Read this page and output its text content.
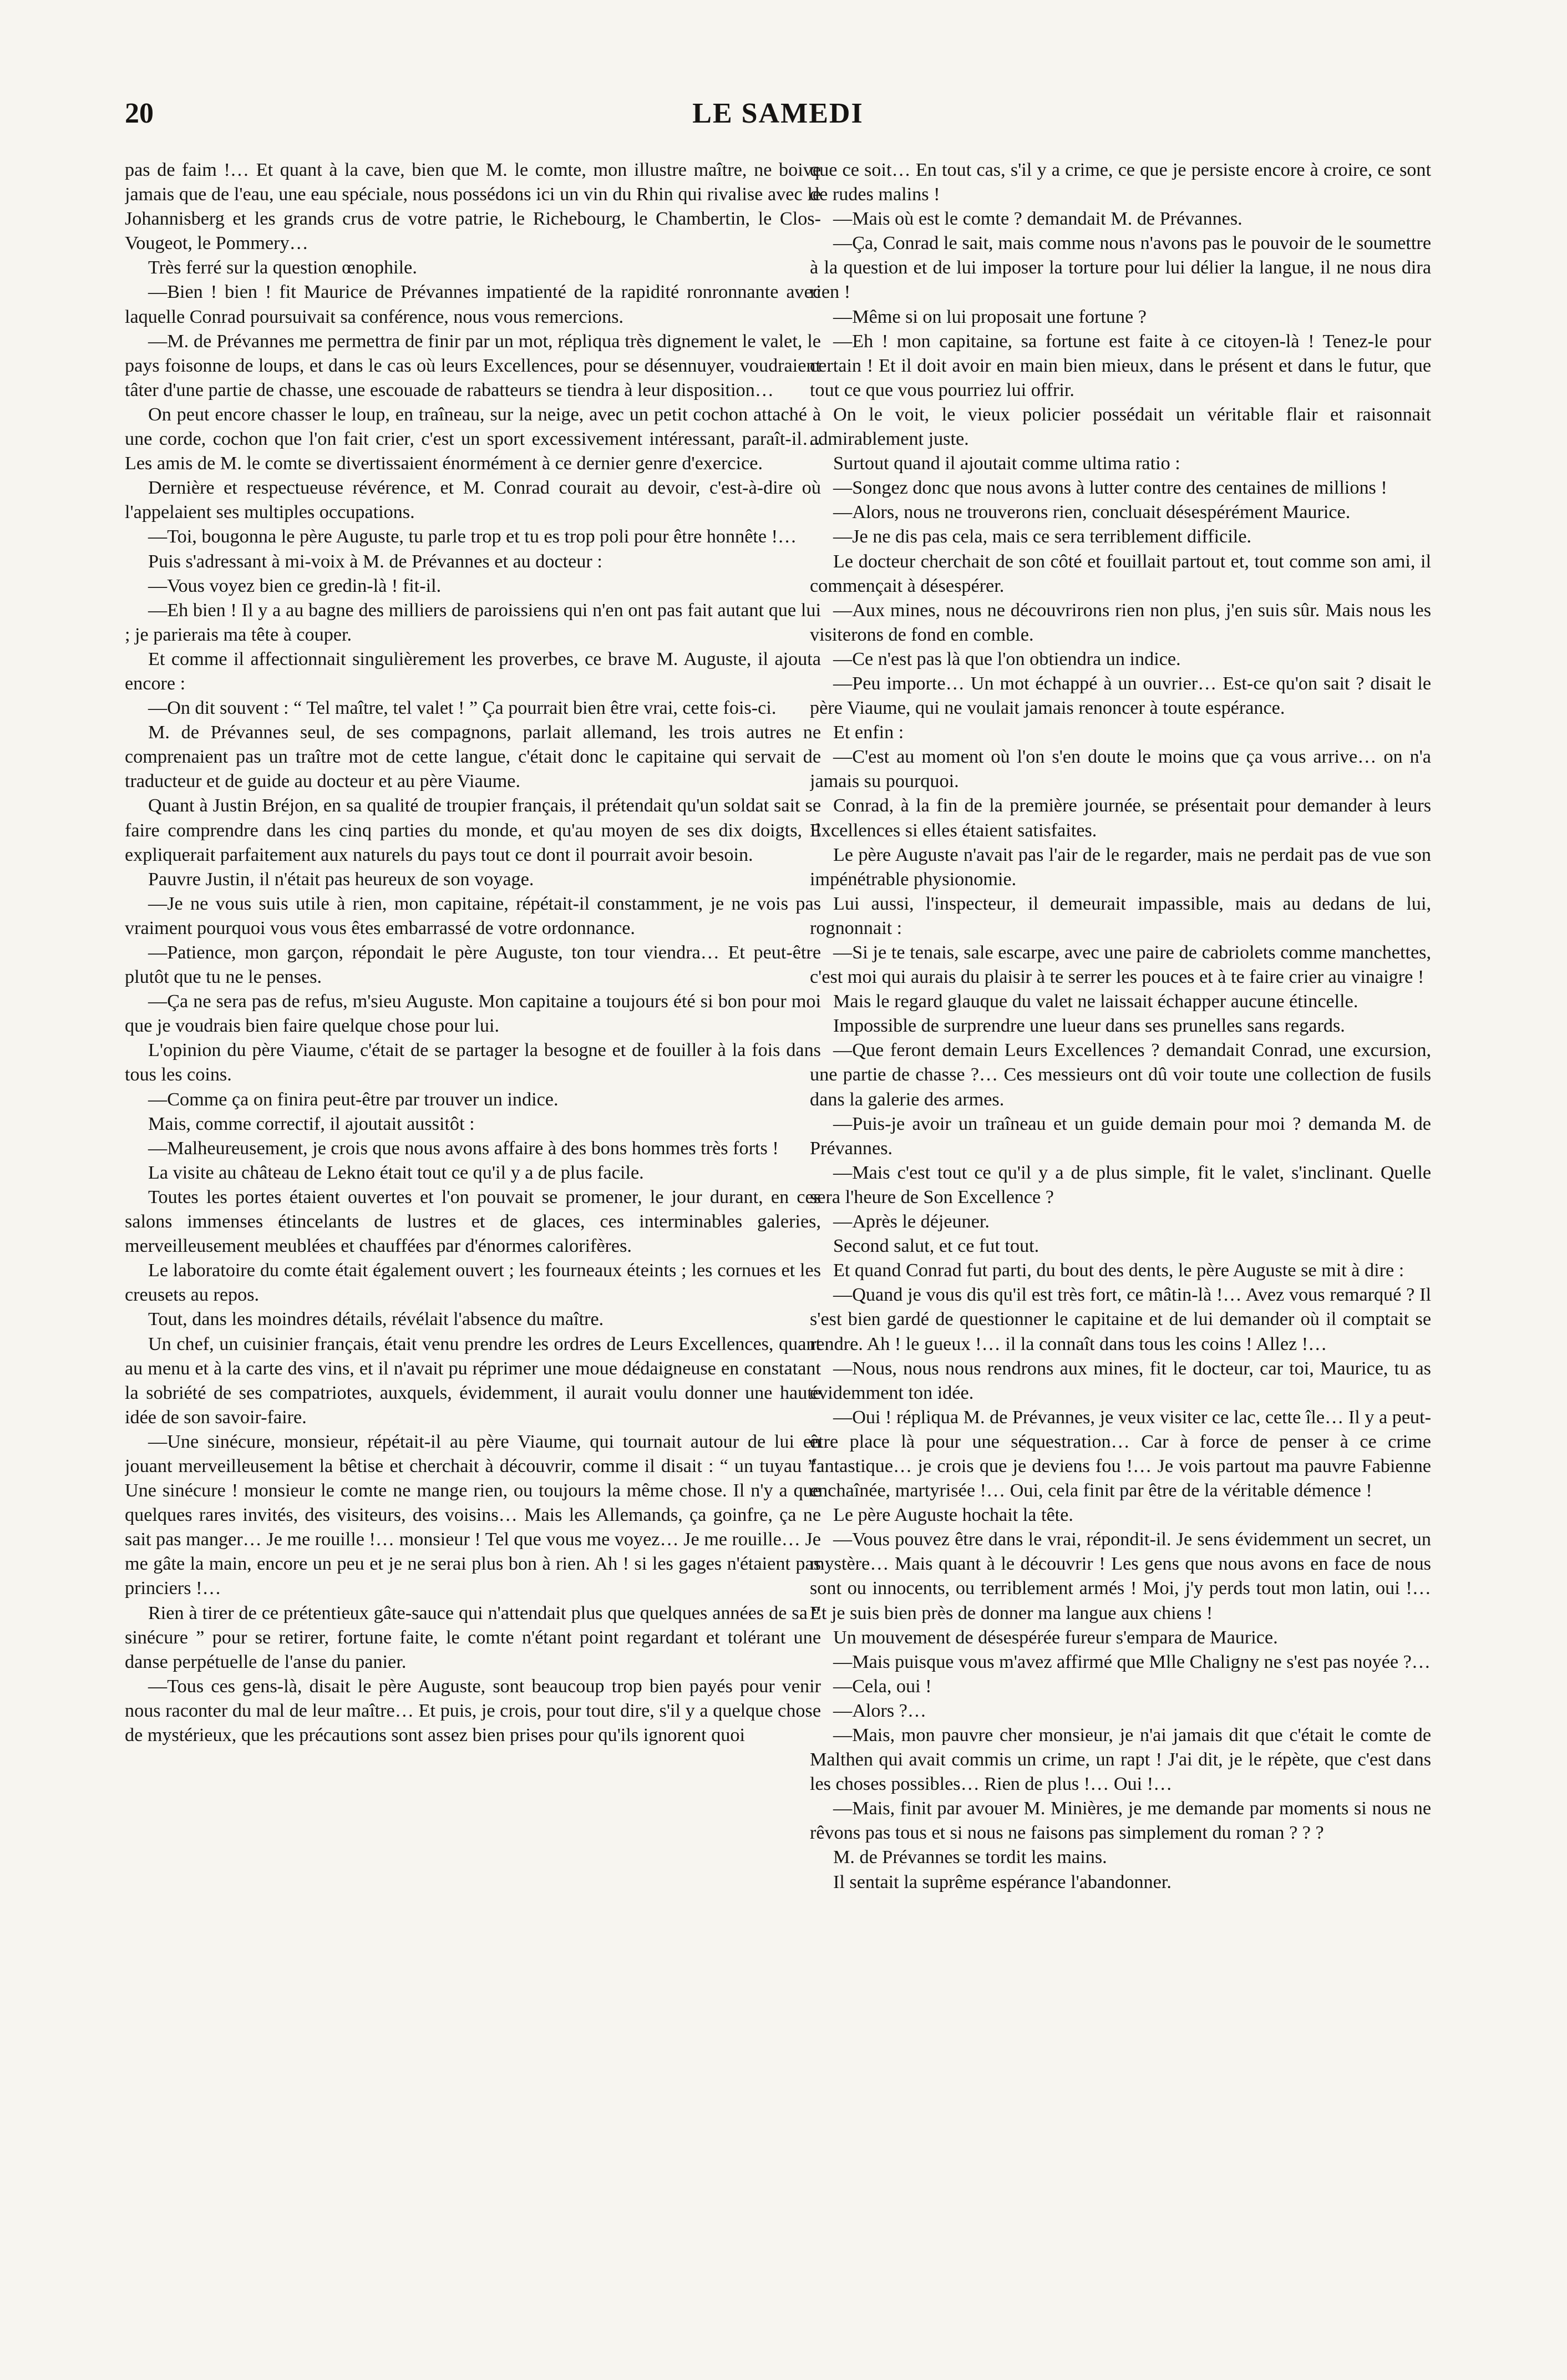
20	LE SAMEDI

pas de faim !… Et quant à la cave, bien que M. le comte, mon illustre maître, ne boive jamais que de l'eau, une eau spéciale, nous possédons ici un vin du Rhin qui rivalise avec le Johannisberg et les grands crus de votre patrie, le Richebourg, le Chambertin, le Clos-Vougeot, le Pommery…

Très ferré sur la question œnophile.

—Bien ! bien ! fit Maurice de Prévannes impatienté de la rapidité ronronnante avec laquelle Conrad poursuivait sa conférence, nous vous remercions.

—M. de Prévannes me permettra de finir par un mot, répliqua très dignement le valet, le pays foisonne de loups, et dans le cas où leurs Excellences, pour se désennuyer, voudraient tâter d'une partie de chasse, une escouade de rabatteurs se tiendra à leur disposition…

On peut encore chasser le loup, en traîneau, sur la neige, avec un petit cochon attaché à une corde, cochon que l'on fait crier, c'est un sport excessivement intéressant, paraît-il… Les amis de M. le comte se divertissaient énormément à ce dernier genre d'exercice.

Dernière et respectueuse révérence, et M. Conrad courait au devoir, c'est-à-dire où l'appelaient ses multiples occupations.

—Toi, bougonna le père Auguste, tu parle trop et tu es trop poli pour être honnête !…

Puis s'adressant à mi-voix à M. de Prévannes et au docteur :

—Vous voyez bien ce gredin-là ! fit-il.

—Eh bien ! Il y a au bagne des milliers de paroissiens qui n'en ont pas fait autant que lui ; je parierais ma tête à couper.

Et comme il affectionnait singulièrement les proverbes, ce brave M. Auguste, il ajouta encore :

—On dit souvent : “ Tel maître, tel valet ! ” Ça pourrait bien être vrai, cette fois-ci.

M. de Prévannes seul, de ses compagnons, parlait allemand, les trois autres ne comprenaient pas un traître mot de cette langue, c'était donc le capitaine qui servait de traducteur et de guide au docteur et au père Viaume.

Quant à Justin Bréjon, en sa qualité de troupier français, il prétendait qu'un soldat sait se faire comprendre dans les cinq parties du monde, et qu'au moyen de ses dix doigts, il expliquerait parfaitement aux naturels du pays tout ce dont il pourrait avoir besoin.

Pauvre Justin, il n'était pas heureux de son voyage.

—Je ne vous suis utile à rien, mon capitaine, répétait-il constamment, je ne vois pas vraiment pourquoi vous vous êtes embarrassé de votre ordonnance.

—Patience, mon garçon, répondait le père Auguste, ton tour viendra… Et peut-être plutôt que tu ne le penses.

—Ça ne sera pas de refus, m'sieu Auguste. Mon capitaine a toujours été si bon pour moi que je voudrais bien faire quelque chose pour lui.

L'opinion du père Viaume, c'était de se partager la besogne et de fouiller à la fois dans tous les coins.

—Comme ça on finira peut-être par trouver un indice.

Mais, comme correctif, il ajoutait aussitôt :

—Malheureusement, je crois que nous avons affaire à des bons hommes très forts !

La visite au château de Lekno était tout ce qu'il y a de plus facile.

Toutes les portes étaient ouvertes et l'on pouvait se promener, le jour durant, en ces salons immenses étincelants de lustres et de glaces, ces interminables galeries, merveilleusement meublées et chauffées par d'énormes calorifères.

Le laboratoire du comte était également ouvert ; les fourneaux éteints ; les cornues et les creusets au repos.

Tout, dans les moindres détails, révélait l'absence du maître.

Un chef, un cuisinier français, était venu prendre les ordres de Leurs Excellences, quant au menu et à la carte des vins, et il n'avait pu réprimer une moue dédaigneuse en constatant la sobriété de ses compatriotes, auxquels, évidemment, il aurait voulu donner une haute idée de son savoir-faire.

—Une sinécure, monsieur, répétait-il au père Viaume, qui tournait autour de lui en jouant merveilleusement la bêtise et cherchait à découvrir, comme il disait : “ un tuyau ”. Une sinécure ! monsieur le comte ne mange rien, ou toujours la même chose. Il n'y a que quelques rares invités, des visiteurs, des voisins… Mais les Allemands, ça goinfre, ça ne sait pas manger… Je me rouille !… monsieur ! Tel que vous me voyez… Je me rouille… Je me gâte la main, encore un peu et je ne serai plus bon à rien. Ah ! si les gages n'étaient pas princiers !…

Rien à tirer de ce prétentieux gâte-sauce qui n'attendait plus que quelques années de sa “ sinécure ” pour se retirer, fortune faite, le comte n'étant point regardant et tolérant une danse perpétuelle de l'anse du panier.

—Tous ces gens-là, disait le père Auguste, sont beaucoup trop bien payés pour venir nous raconter du mal de leur maître… Et puis, je crois, pour tout dire, s'il y a quelque chose de mystérieux, que les précautions sont assez bien prises pour qu'ils ignorent quoi

que ce soit… En tout cas, s'il y a crime, ce que je persiste encore à croire, ce sont de rudes malins !

—Mais où est le comte ? demandait M. de Prévannes.

—Ça, Conrad le sait, mais comme nous n'avons pas le pouvoir de le soumettre à la question et de lui imposer la torture pour lui délier la langue, il ne nous dira rien !

—Même si on lui proposait une fortune ?

—Eh ! mon capitaine, sa fortune est faite à ce citoyen-là ! Tenez-le pour certain ! Et il doit avoir en main bien mieux, dans le présent et dans le futur, que tout ce que vous pourriez lui offrir.

On le voit, le vieux policier possédait un véritable flair et raisonnait admirablement juste.

Surtout quand il ajoutait comme ultima ratio :

—Songez donc que nous avons à lutter contre des centaines de millions !

—Alors, nous ne trouverons rien, concluait désespérément Maurice.

—Je ne dis pas cela, mais ce sera terriblement difficile.

Le docteur cherchait de son côté et fouillait partout et, tout comme son ami, il commençait à désespérer.

—Aux mines, nous ne découvrirons rien non plus, j'en suis sûr. Mais nous les visiterons de fond en comble.

—Ce n'est pas là que l'on obtiendra un indice.

—Peu importe… Un mot échappé à un ouvrier… Est-ce qu'on sait ? disait le père Viaume, qui ne voulait jamais renoncer à toute espérance.

Et enfin :

—C'est au moment où l'on s'en doute le moins que ça vous arrive… on n'a jamais su pourquoi.

Conrad, à la fin de la première journée, se présentait pour demander à leurs Excellences si elles étaient satisfaites.

Le père Auguste n'avait pas l'air de le regarder, mais ne perdait pas de vue son impénétrable physionomie.

Lui aussi, l'inspecteur, il demeurait impassible, mais au dedans de lui, rognonnait :

—Si je te tenais, sale escarpe, avec une paire de cabriolets comme manchettes, c'est moi qui aurais du plaisir à te serrer les pouces et à te faire crier au vinaigre !

Mais le regard glauque du valet ne laissait échapper aucune étincelle.

Impossible de surprendre une lueur dans ses prunelles sans regards.

—Que feront demain Leurs Excellences ? demandait Conrad, une excursion, une partie de chasse ?… Ces messieurs ont dû voir toute une collection de fusils dans la galerie des armes.

—Puis-je avoir un traîneau et un guide demain pour moi ? demanda M. de Prévannes.

—Mais c'est tout ce qu'il y a de plus simple, fit le valet, s'inclinant. Quelle sera l'heure de Son Excellence ?

—Après le déjeuner.

Second salut, et ce fut tout.

Et quand Conrad fut parti, du bout des dents, le père Auguste se mit à dire :

—Quand je vous dis qu'il est très fort, ce mâtin-là !… Avez vous remarqué ? Il s'est bien gardé de questionner le capitaine et de lui demander où il comptait se rendre. Ah ! le gueux !… il la connaît dans tous les coins ! Allez !…

—Nous, nous nous rendrons aux mines, fit le docteur, car toi, Maurice, tu as évidemment ton idée.

—Oui ! répliqua M. de Prévannes, je veux visiter ce lac, cette île… Il y a peut-être place là pour une séquestration… Car à force de penser à ce crime fantastique… je crois que je deviens fou !… Je vois partout ma pauvre Fabienne enchaînée, martyrisée !… Oui, cela finit par être de la véritable démence !

Le père Auguste hochait la tête.

—Vous pouvez être dans le vrai, répondit-il. Je sens évidemment un secret, un mystère… Mais quant à le découvrir ! Les gens que nous avons en face de nous sont ou innocents, ou terriblement armés ! Moi, j'y perds tout mon latin, oui !… Et je suis bien près de donner ma langue aux chiens !

Un mouvement de désespérée fureur s'empara de Maurice.

—Mais puisque vous m'avez affirmé que Mlle Chaligny ne s'est pas noyée ?…

—Cela, oui !

—Alors ?…

—Mais, mon pauvre cher monsieur, je n'ai jamais dit que c'était le comte de Malthen qui avait commis un crime, un rapt ! J'ai dit, je le répète, que c'est dans les choses possibles… Rien de plus !… Oui !…

—Mais, finit par avouer M. Minières, je me demande par moments si nous ne rêvons pas tous et si nous ne faisons pas simplement du roman ? ? ?

M. de Prévannes se tordit les mains.

Il sentait la suprême espérance l'abandonner.
